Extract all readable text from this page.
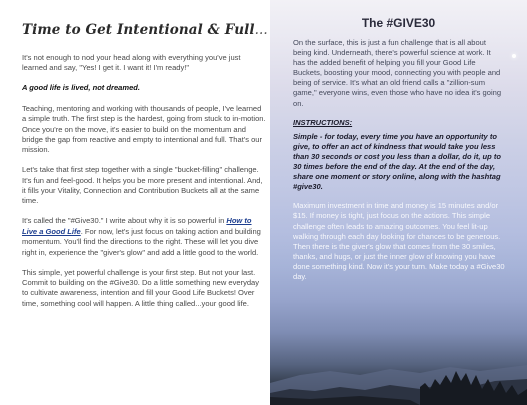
Time to Get Intentional & Full...

It's not enough to nod your head along with everything you've just learned and say, "Yes! I get it. I want it! I'm ready!"

A good life is lived, not dreamed.

Teaching, mentoring and working with thousands of people, I've learned a simple truth. The first step is the hardest, going from stuck to in-motion. Once you're on the move, it's easier to build on the momentum and bridge the gap from reactive and empty to intentional and full. That's our mission.

Let's take that first step together with a single "bucket-filling" challenge. It's fun and feel-good. It helps you be more present and intentional. And, it fills your Vitality, Connection and Contribution Buckets all at the same time.

It's called the "#Give30." I write about why it is so powerful in How to Live a Good Life. For now, let's just focus on taking action and building momentum. You'll find the directions to the right. These will let you dive right in, experience the "giver's glow" and add a little good to the world.

This simple, yet powerful challenge is your first step. But not your last. Commit to building on the #Give30. Do a little something new everyday to cultivate awareness, intention and fill your Good Life Buckets! Over time, something cool will happen. A little thing called...your good life.

The #GIVE30

On the surface, this is just a fun challenge that is all about being kind. Underneath, there's powerful science at work. It has the added benefit of helping you fill your Good Life Buckets, boosting your mood, connecting you with people and being of service. It's what an old friend calls a "zillion-sum game," everyone wins, even those who have no idea it's going on.

INSTRUCTIONS:

Simple - for today, every time you have an opportunity to give, to offer an act of kindness that would take you less than 30 seconds or cost you less than a dollar, do it, up to 30 times before the end of the day. At the end of the day, share one moment or story online, along with the hashtag #give30.

Maximum investment in time and money is 15 minutes and/or $15. If money is tight, just focus on the actions. This simple challenge often leads to amazing outcomes. You feel lit-up walking through each day looking for chances to be generous. Then there is the giver's glow that comes from the 30 smiles, thanks, and hugs, or just the inner glow of knowing you have done something kind. Now it's your turn. Make today a #Give30 day.
